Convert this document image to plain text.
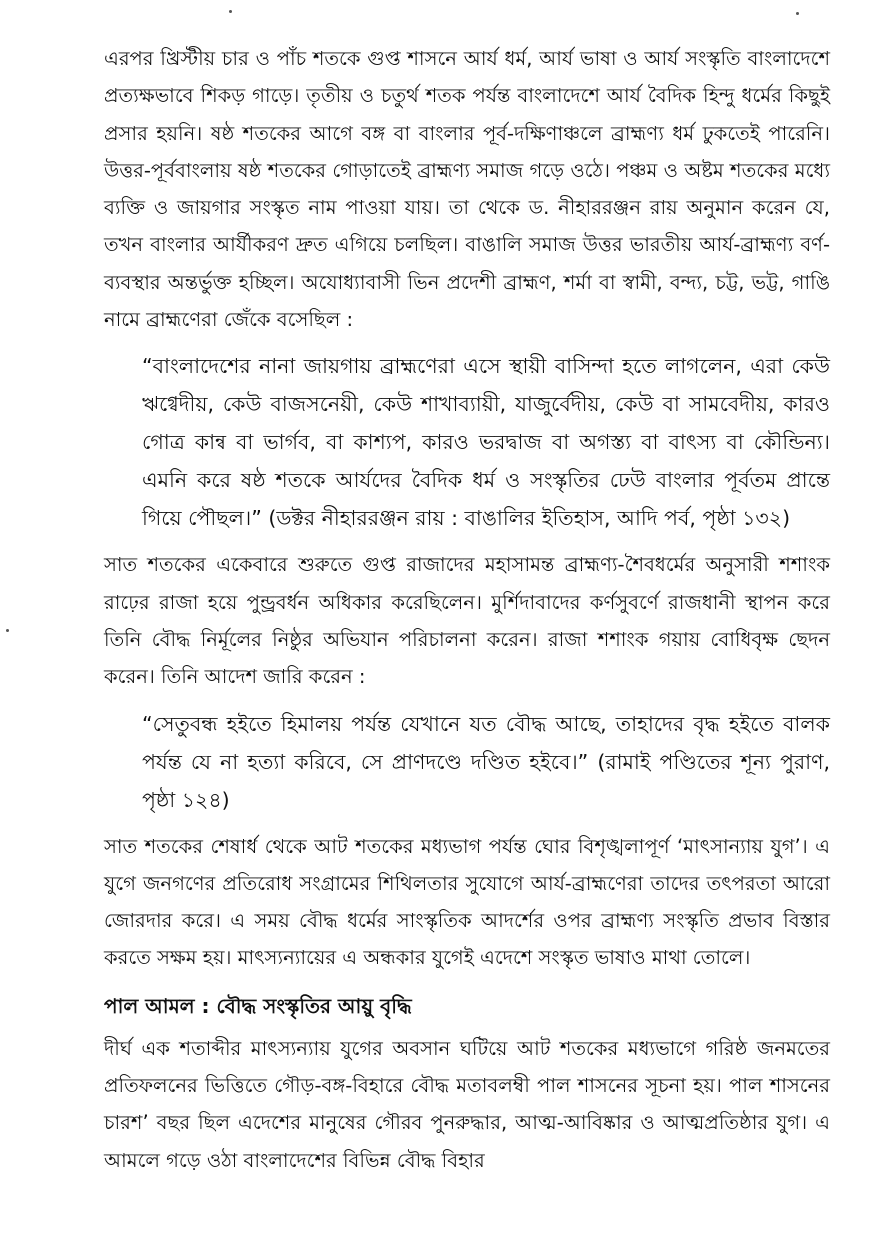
এরপর খ্রিস্টীয় চার ও পাঁচ শতকে গুপ্ত শাসনে আর্য ধর্ম, আর্য ভাষা ও আর্য সংস্কৃতি বাংলাদেশে প্রত্যক্ষভাবে শিকড় গাড়ে। তৃতীয় ও চতুর্থ শতক পর্যন্ত বাংলাদেশে আর্য বৈদিক হিন্দু ধর্মের কিছুই প্রসার হয়নি। ষষ্ঠ শতকের আগে বঙ্গ বা বাংলার পূর্ব-দক্ষিণাঞ্চলে ব্রাহ্মণ্য ধর্ম ঢুকতেই পারেনি। উত্তর-পূর্ববাংলায় ষষ্ঠ শতকের গোড়াতেই ব্রাহ্মণ্য সমাজ গড়ে ওঠে। পঞ্চম ও অষ্টম শতকের মধ্যে ব্যক্তি ও জায়গার সংস্কৃত নাম পাওয়া যায়। তা থেকে ড. নীহাররঞ্জন রায় অনুমান করেন যে, তখন বাংলার আর্যীকরণ দ্রুত এগিয়ে চলছিল। বাঙালি সমাজ উত্তর ভারতীয় আর্য-ব্রাহ্মণ্য বর্ণ-ব্যবস্থার অন্তর্ভুক্ত হচ্ছিল। অযোধ্যাবাসী ভিন প্রদেশী ব্রাহ্মণ, শর্মা বা স্বামী, বন্দ্য, চট্ট, ভট্ট, গাঙি নামে ব্রাহ্মণেরা জেঁকে বসেছিল :

“বাংলাদেশের নানা জায়গায় ব্রাহ্মণেরা এসে স্থায়ী বাসিন্দা হতে লাগলেন, এরা কেউ ঋগ্বেদীয়, কেউ বাজসনেয়ী, কেউ শাখাব্যায়ী, যাজুর্বেদীয়, কেউ বা সামবেদীয়, কারও গোত্র কান্ব বা ভার্গব, বা কাশ্যপ, কারও ভরদ্বাজ বা অগস্ত্য বা বাৎস্য বা কৌন্ডিন্য। এমনি করে ষষ্ঠ শতকে আর্যদের বৈদিক ধর্ম ও সংস্কৃতির ঢেউ বাংলার পূর্বতম প্রান্তে গিয়ে পৌছল।” (ডক্টর নীহাররঞ্জন রায় : বাঙালির ইতিহাস, আদি পর্ব, পৃষ্ঠা ১৩২)

সাত শতকের একেবারে শুরুতে গুপ্ত রাজাদের মহাসামন্ত ব্রাহ্মণ্য-শৈবধর্মের অনুসারী শশাংক রাঢ়ের রাজা হয়ে পুন্ড্রবর্ধন অধিকার করেছিলেন। মুর্শিদাবাদের কর্ণসুবর্ণে রাজধানী স্থাপন করে তিনি বৌদ্ধ নির্মূলের নিষ্ঠুর অভিযান পরিচালনা করেন। রাজা শশাংক গয়ায় বোধিবৃক্ষ ছেদন করেন। তিনি আদেশ জারি করেন :

“সেতুবন্ধ হইতে হিমালয় পর্যন্ত যেখানে যত বৌদ্ধ আছে, তাহাদের বৃদ্ধ হইতে বালক পর্যন্ত যে না হত্যা করিবে, সে প্রাণদণ্ডে দণ্ডিত হইবে।” (রামাই পণ্ডিতের শূন্য পুরাণ, পৃষ্ঠা ১২৪)

সাত শতকের শেষার্ধ থেকে আট শতকের মধ্যভাগ পর্যন্ত ঘোর বিশৃঙ্খলাপূর্ণ ‘মাৎসান্যায় যুগ’। এ যুগে জনগণের প্রতিরোধ সংগ্রামের শিথিলতার সুযোগে আর্য-ব্রাহ্মণেরা তাদের তৎপরতা আরো জোরদার করে। এ সময় বৌদ্ধ ধর্মের সাংস্কৃতিক আদর্শের ওপর ব্রাহ্মণ্য সংস্কৃতি প্রভাব বিস্তার করতে সক্ষম হয়। মাৎস্যন্যায়ের এ অন্ধকার যুগেই এদেশে সংস্কৃত ভাষাও মাথা তোলে।

পাল আমল : বৌদ্ধ সংস্কৃতির আয়ু বৃদ্ধি

দীর্ঘ এক শতাব্দীর মাৎস্যন্যায় যুগের অবসান ঘটিয়ে আট শতকের মধ্যভাগে গরিষ্ঠ জনমতের প্রতিফলনের ভিত্তিতে গৌড়-বঙ্গ-বিহারে বৌদ্ধ মতাবলম্বী পাল শাসনের সূচনা হয়। পাল শাসনের চারশ’ বছর ছিল এদেশের মানুষের গৌরব পুনরুদ্ধার, আত্ম-আবিষ্কার ও আত্মপ্রতিষ্ঠার যুগ। এ আমলে গড়ে ওঠা বাংলাদেশের বিভিন্ন বৌদ্ধ বিহার
